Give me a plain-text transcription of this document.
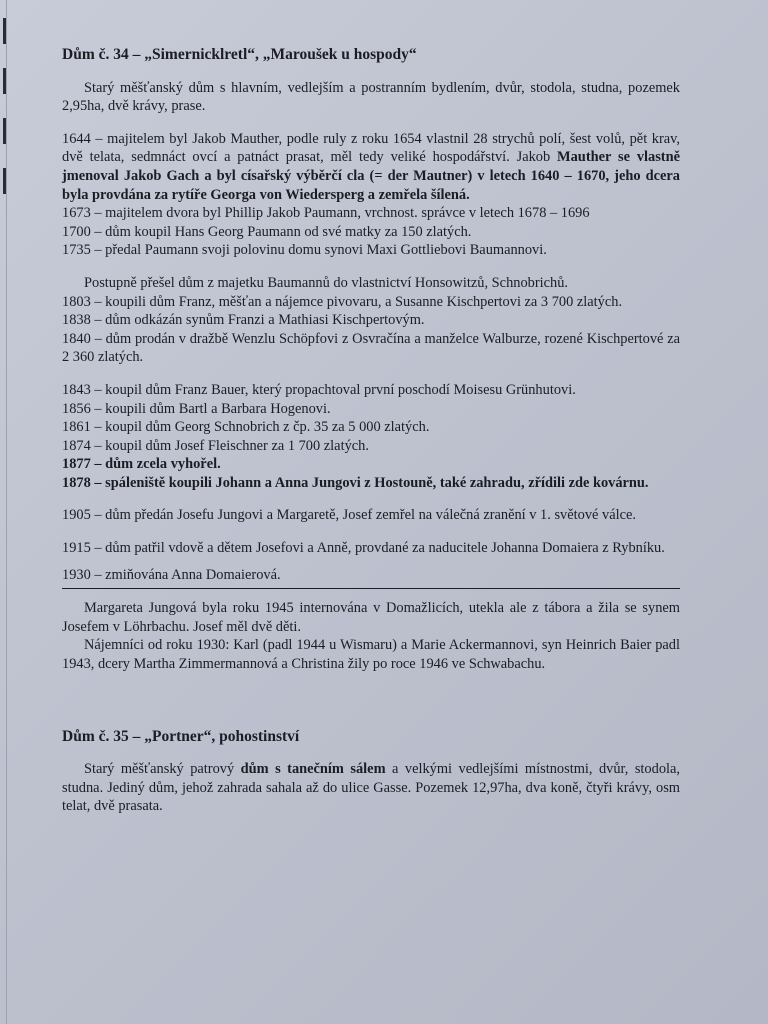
Dům č. 34 – „Simernicklretl“, „Maroušek u hospody“

Starý měšťanský dům s hlavním, vedlejším a postranním bydlením, dvůr, stodola, studna, pozemek 2,95ha, dvě krávy, prase.

1644 – majitelem byl Jakob Mauther, podle ruly z roku 1654 vlastnil 28 strychů polí, šest volů, pět krav, dvě telata, sedmnáct ovcí a patnáct prasat, měl tedy veliké hospodářství. Jakob Mauther se vlastně jmenoval Jakob Gach a byl císařský výběrčí cla (= der Mautner) v letech 1640 – 1670, jeho dcera byla provdána za rytíře Georga von Wiedersperg a zemřela šílená.

1673 – majitelem dvora byl Phillip Jakob Paumann, vrchnost. správce v letech 1678 – 1696

1700 – dům koupil Hans Georg Paumann od své matky za 150 zlatých.

1735 – předal Paumann svoji polovinu domu synovi Maxi Gottliebovi Baumannovi.

Postupně přešel dům z majetku Baumannů do vlastnictví Honsowitzů, Schnobrichů.

1803 – koupili dům Franz, měšťan a nájemce pivovaru, a Susanne Kischpertovi za 3 700 zlatých.

1838 – dům odkázán synům Franzi a Mathiasi Kischpertovým.

1840 – dům prodán v dražbě Wenzlu Schöpfovi z Osvračína a manželce Walburze, rozené Kischpertové za 2 360 zlatých.

1843 – koupil dům Franz Bauer, který propachtoval první poschodí Moisesu Grünhutovi.

1856 – koupili dům Bartl a Barbara Hogenovi.

1861 – koupil dům Georg Schnobrich z čp. 35 za 5 000 zlatých.

1874 – koupil dům Josef Fleischner za 1 700 zlatých.

1877 – dům zcela vyhořel.

1878 – spáleniště koupili Johann a Anna Jungovi z Hostouně, také zahradu, zřídili zde kovárnu.

1905 – dům předán Josefu Jungovi a Margaretě, Josef zemřel na válečná zranění v 1. světové válce.

1915 – dům patřil vdově a dětem Josefovi a Anně, provdané za naducitele Johanna Domaiera z Rybníku.

1930 – zmiňována Anna Domaierová.

Margareta Jungová byla roku 1945 internována v Domažlicích, utekla ale z tábora a žila se synem Josefem v Löhrbachu. Josef měl dvě děti.

Nájemníci od roku 1930: Karl (padl 1944 u Wismaru) a Marie Ackermannovi, syn Heinrich Baier padl 1943, dcery Martha Zimmermannová a Christina žily po roce 1946 ve Schwabachu.

Dům č. 35 – „Portner“, pohostinství

Starý měšťanský patrový dům s tanečním sálem a velkými vedlejšími místnostmi, dvůr, stodola, studna. Jediný dům, jehož zahrada sahala až do ulice Gasse. Pozemek 12,97ha, dva koně, čtyři krávy, osm telat, dvě prasata.
